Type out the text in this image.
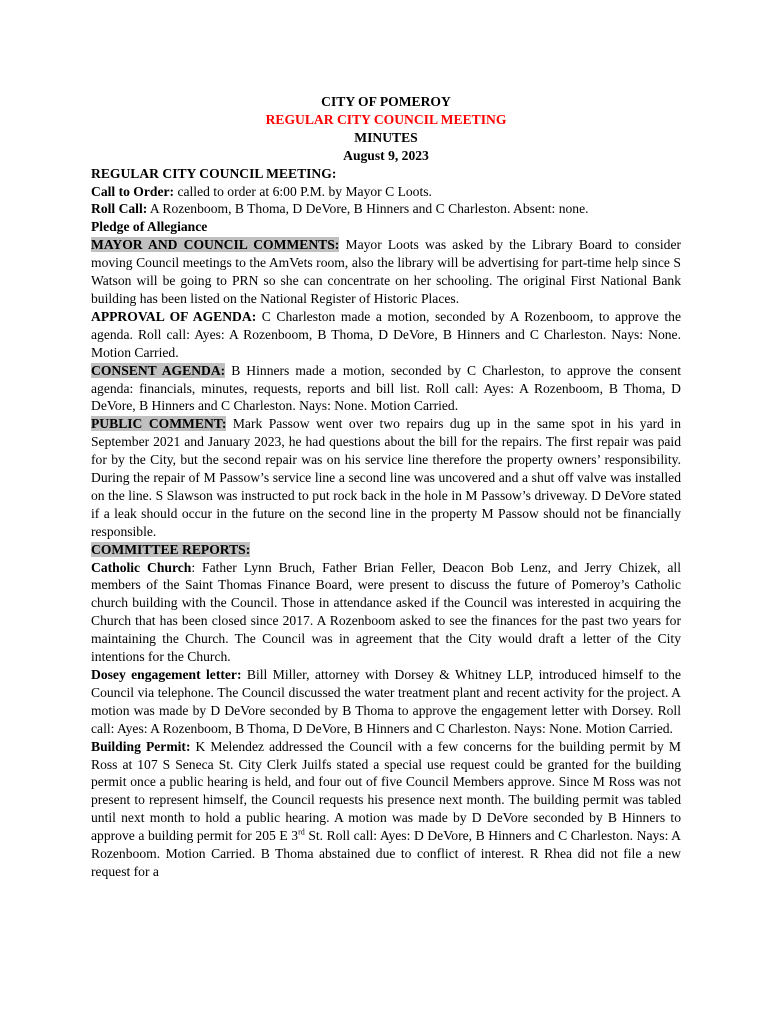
CITY OF POMEROY
REGULAR CITY COUNCIL MEETING
MINUTES
August 9, 2023

REGULAR CITY COUNCIL MEETING:

Call to Order: called to order at 6:00 P.M. by Mayor C Loots.

Roll Call: A Rozenboom, B Thoma, D DeVore, B Hinners and C Charleston. Absent: none.

Pledge of Allegiance

MAYOR AND COUNCIL COMMENTS: Mayor Loots was asked by the Library Board to consider moving Council meetings to the AmVets room, also the library will be advertising for part-time help since S Watson will be going to PRN so she can concentrate on her schooling. The original First National Bank building has been listed on the National Register of Historic Places.

APPROVAL OF AGENDA: C Charleston made a motion, seconded by A Rozenboom, to approve the agenda. Roll call: Ayes: A Rozenboom, B Thoma, D DeVore, B Hinners and C Charleston. Nays: None. Motion Carried.

CONSENT AGENDA: B Hinners made a motion, seconded by C Charleston, to approve the consent agenda: financials, minutes, requests, reports and bill list. Roll call: Ayes: A Rozenboom, B Thoma, D DeVore, B Hinners and C Charleston. Nays: None. Motion Carried.

PUBLIC COMMENT: Mark Passow went over two repairs dug up in the same spot in his yard in September 2021 and January 2023, he had questions about the bill for the repairs. The first repair was paid for by the City, but the second repair was on his service line therefore the property owners’ responsibility. During the repair of M Passow’s service line a second line was uncovered and a shut off valve was installed on the line. S Slawson was instructed to put rock back in the hole in M Passow’s driveway. D DeVore stated if a leak should occur in the future on the second line in the property M Passow should not be financially responsible.

COMMITTEE REPORTS:

Catholic Church: Father Lynn Bruch, Father Brian Feller, Deacon Bob Lenz, and Jerry Chizek, all members of the Saint Thomas Finance Board, were present to discuss the future of Pomeroy’s Catholic church building with the Council. Those in attendance asked if the Council was interested in acquiring the Church that has been closed since 2017. A Rozenboom asked to see the finances for the past two years for maintaining the Church. The Council was in agreement that the City would draft a letter of the City intentions for the Church.

Dosey engagement letter: Bill Miller, attorney with Dorsey & Whitney LLP, introduced himself to the Council via telephone. The Council discussed the water treatment plant and recent activity for the project. A motion was made by D DeVore seconded by B Thoma to approve the engagement letter with Dorsey. Roll call: Ayes: A Rozenboom, B Thoma, D DeVore, B Hinners and C Charleston. Nays: None. Motion Carried.

Building Permit: K Melendez addressed the Council with a few concerns for the building permit by M Ross at 107 S Seneca St. City Clerk Juilfs stated a special use request could be granted for the building permit once a public hearing is held, and four out of five Council Members approve. Since M Ross was not present to represent himself, the Council requests his presence next month. The building permit was tabled until next month to hold a public hearing. A motion was made by D DeVore seconded by B Hinners to approve a building permit for 205 E 3rd St. Roll call: Ayes: D DeVore, B Hinners and C Charleston. Nays: A Rozenboom. Motion Carried. B Thoma abstained due to conflict of interest. R Rhea did not file a new request for a
